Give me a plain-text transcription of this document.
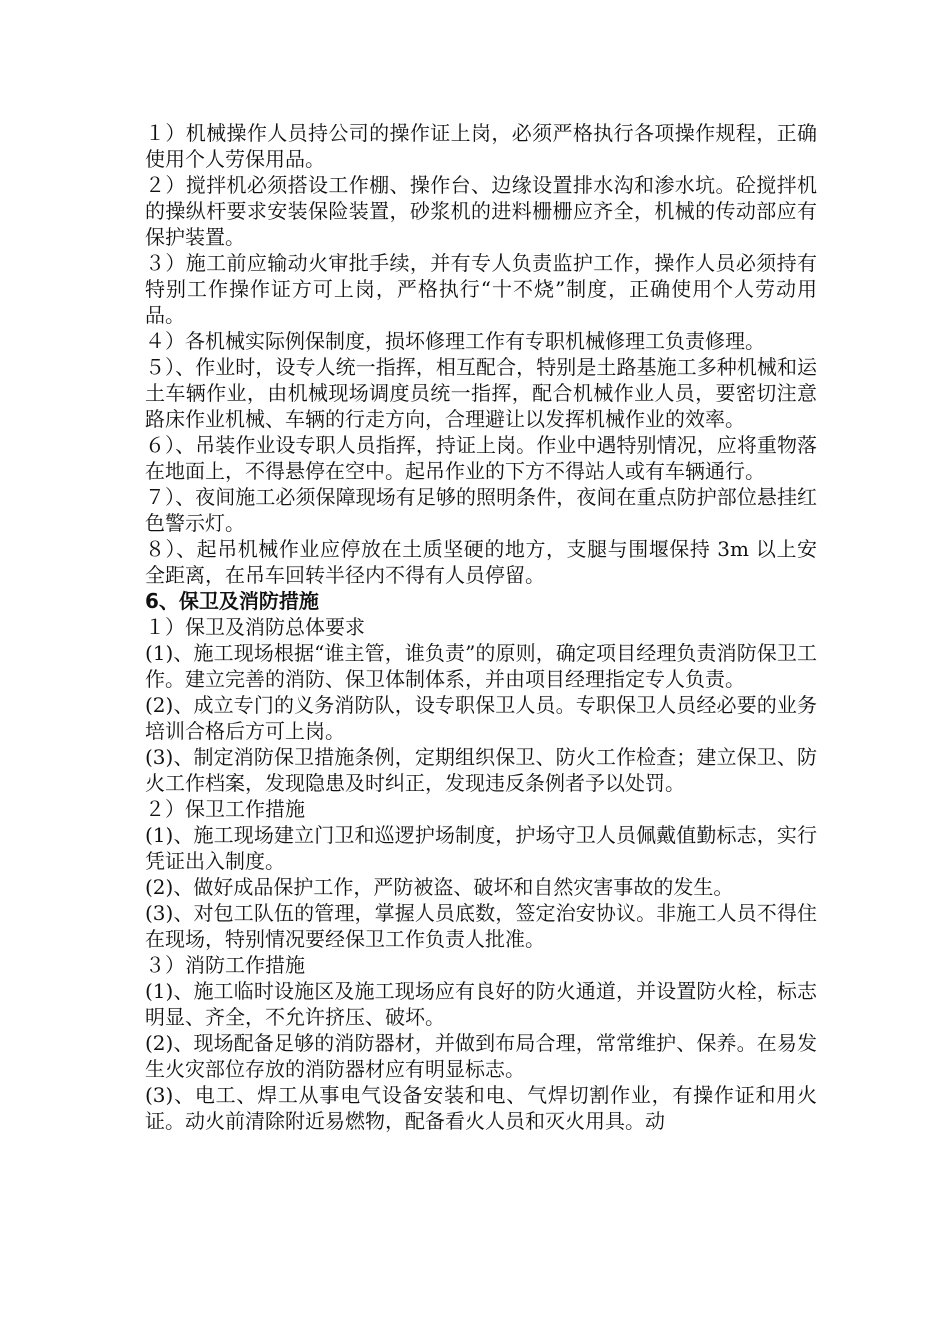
１）机械操作人员持公司的操作证上岗，必须严格执行各项操作规程，正确使用个人劳保用品。

２）搅拌机必须搭设工作棚、操作台、边缘设置排水沟和渗水坑。砼搅拌机的操纵杆要求安装保险装置，砂浆机的进料栅栅应齐全，机械的传动部应有保护装置。

３）施工前应输动火审批手续，并有专人负责监护工作，操作人员必须持有特别工作操作证方可上岗，严格执行“十不烧”制度，正确使用个人劳动用品。

４）各机械实际例保制度，损坏修理工作有专职机械修理工负责修理。

５）、作业时，设专人统一指挥，相互配合，特别是土路基施工多种机械和运土车辆作业，由机械现场调度员统一指挥，配合机械作业人员，要密切注意路床作业机械、车辆的行走方向，合理避让以发挥机械作业的效率。

６）、吊装作业设专职人员指挥，持证上岗。作业中遇特别情况，应将重物落在地面上，不得悬停在空中。起吊作业的下方不得站人或有车辆通行。

７）、夜间施工必须保障现场有足够的照明条件，夜间在重点防护部位悬挂红色警示灯。

８）、起吊机械作业应停放在土质坚硬的地方，支腿与围堰保持 3m 以上安全距离，在吊车回转半径内不得有人员停留。

6、保卫及消防措施

１）保卫及消防总体要求

(1)、施工现场根据“谁主管，谁负责”的原则，确定项目经理负责消防保卫工作。建立完善的消防、保卫体制体系，并由项目经理指定专人负责。

(2)、成立专门的义务消防队，设专职保卫人员。专职保卫人员经必要的业务培训合格后方可上岗。

(3)、制定消防保卫措施条例，定期组织保卫、防火工作检查；建立保卫、防火工作档案，发现隐患及时纠正，发现违反条例者予以处罚。

２）保卫工作措施

(1)、施工现场建立门卫和巡逻护场制度，护场守卫人员佩戴值勤标志，实行凭证出入制度。

(2)、做好成品保护工作，严防被盗、破坏和自然灾害事故的发生。

(3)、对包工队伍的管理，掌握人员底数，签定治安协议。非施工人员不得住在现场，特别情况要经保卫工作负责人批准。

３）消防工作措施

(1)、施工临时设施区及施工现场应有良好的防火通道，并设置防火栓，标志明显、齐全，不允许挤压、破坏。

(2)、现场配备足够的消防器材，并做到布局合理，常常维护、保养。在易发生火灾部位存放的消防器材应有明显标志。

(3)、电工、焊工从事电气设备安装和电、气焊切割作业，有操作证和用火证。动火前清除附近易燃物，配备看火人员和灭火用具。动
